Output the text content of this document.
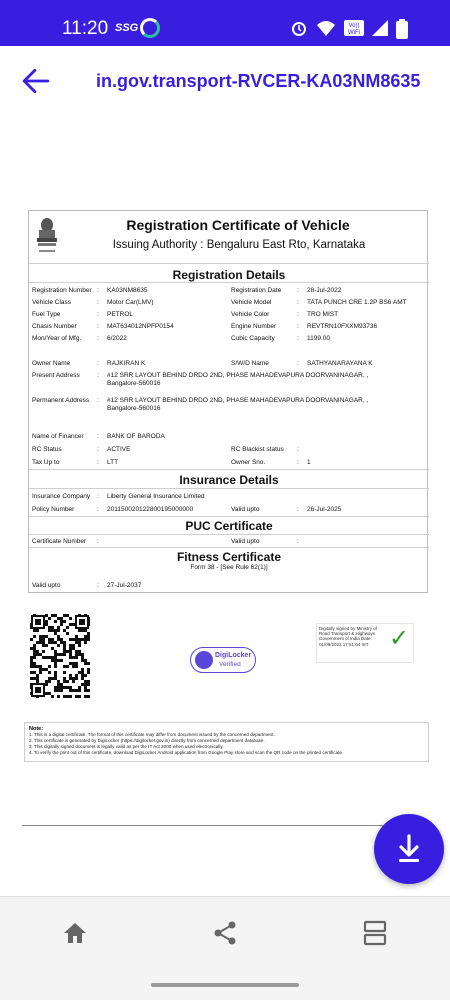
11:20 SSG	Vo))
WiFi
in.gov.transport-RVCER-KA03NM8635
Registration Certificate of Vehicle
Issuing Authority : Bengaluru East Rto, Karnataka
Registration Details
Registration Number : KA03NM8635	Registration Date : 28-Jul-2022
Vehicle Class	: Motor Car(LMV)	Vehicle Model	: TATA PUNCH CRE 1.2P BS6 AMT
Fuel Type	: PETROL	Vehicle Color	: TRO MIST
Chasis Number	: MAT634012NPFP0154	Engine Number	: REVTRN10FXXM93736
Mon/Year of Mfg. : 6/2022	Cubic Capacity	: 1199.00
Owner Name	: RAJKIRAN K	S/W/D Name	: SATHYANARAYANA K
Present Address	: #12 SRR LAYOUT BEHIND DRDO 2ND, PHASE MAHADEVAPURA DOORVANINAGAR, , Bangalore-560016
Permanent Address : #12 SRR LAYOUT BEHIND DRDO 2ND, PHASE MAHADEVAPURA DOORVANINAGAR, , Bangalore-560016
Name of Financer : BANK OF BARODA
RC Status	: ACTIVE	RC Blackist status :
Tax Up to	: LTT	Owner Sno.	: 1
Insurance Details
Insurance Company : Liberty General Insurance Limited
Policy Number	: 201150020122800195000000	Valid upto	: 26-Jul-2025
PUC Certificate
Certificate Number :	Valid upto	:
Fitness Certificate
Form 38 - [See Rule 62(1)]
Valid upto	: 27-Jul-2037
DigiLocker
Verified
Digitally signed by Ministry of Road Transport & Highways Government of India Date: 01/08/2022 17:51:04 IST ✓
Note:
1. This is a digital certificate. The format of this certificate may differ from document issued by the concerned department.
2. This certificate is generated by DigiLocker (https://digilocker.gov.in) directly from concerned department database.
3. This digitally signed document is legally valid as per the IT Act 2000 when used electronically.
4. To verify the print out of this certificate, download DigiLocker Android application from Google Play store and scan the QR code on the printed certificate.
